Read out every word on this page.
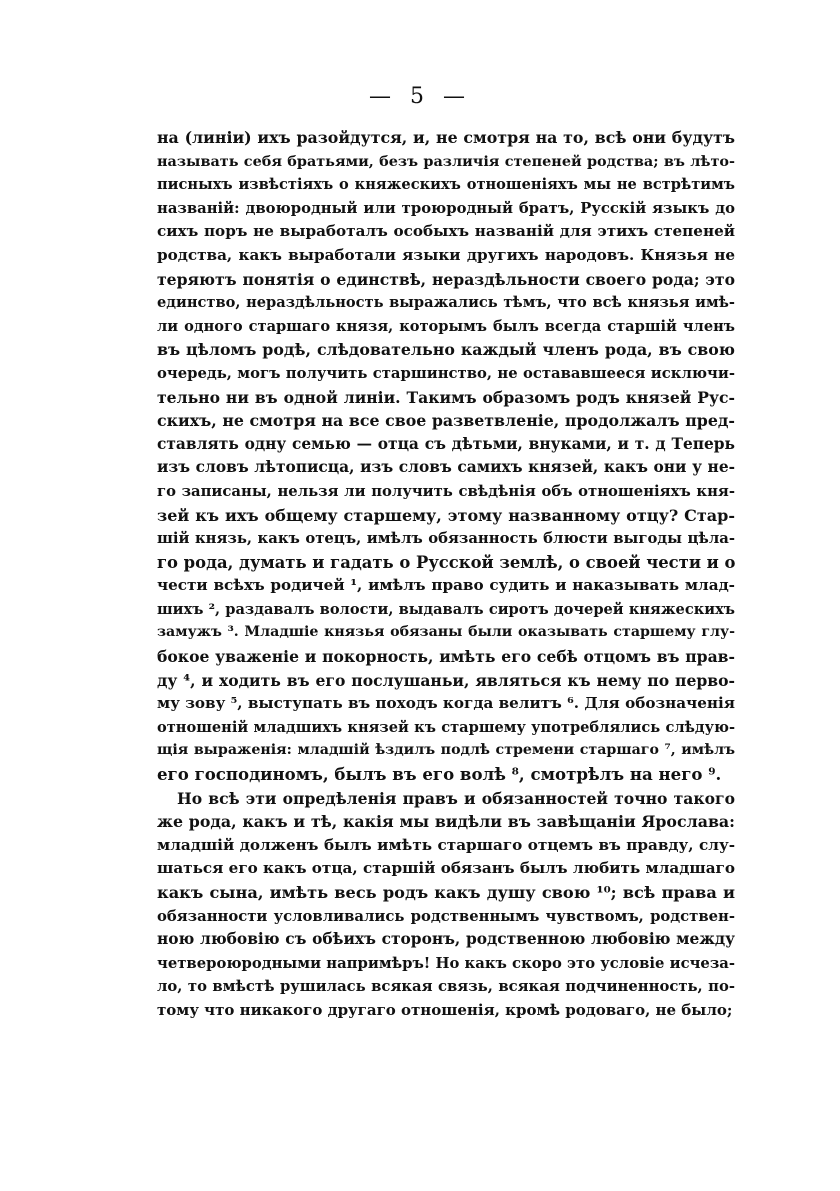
— 5 —
на (линіи) ихъ разойдутся, и, не смотря на то, всѣ они будутъ
называть себя братьями, безъ различія степеней родства; въ лѣто-
писныхъ извѣстіяхъ о княжескихъ отношеніяхъ мы не встрѣтимъ
названій: двоюродный или троюродный братъ, Русскій языкъ до
сихъ поръ не выработалъ особыхъ названій для этихъ степеней
родства, какъ выработали языки другихъ народовъ. Князья не
теряютъ понятія о единствѣ, нераздѣльности своего рода; это
единство, нераздѣльность выражались тѣмъ, что всѣ князья имѣ-
ли одного старшаго князя, которымъ былъ всегда старшій членъ
въ цѣломъ родѣ, слѣдовательно каждый членъ рода, въ свою
очередь, могъ получить старшинство, не остававшееся исключи-
тельно ни въ одной линіи. Такимъ образомъ родъ князей Рус-
скихъ, не смотря на все свое разветвленіе, продолжалъ пред-
ставлять одну семью — отца съ дѣтьми, внуками, и т. д Теперь
изъ словъ лѣтописца, изъ словъ самихъ князей, какъ они у не-
го записаны, нельзя ли получить свѣдѣнія объ отношеніяхъ кня-
зей къ ихъ общему старшему, этому названному отцу? Стар-
шій князь, какъ отецъ, имѣлъ обязанность блюсти выгоды цѣла-
го рода, думать и гадать о Русской землѣ, о своей чести и о
чести всѣхъ родичей ¹, имѣлъ право судить и наказывать млад-
шихъ ², раздавалъ волости, выдавалъ сиротъ дочерей княжескихъ
замужъ ³. Младшіе князья обязаны были оказывать старшему глу-
бокое уваженіе и покорность, имѣть его себѣ отцомъ въ прав-
ду ⁴, и ходить въ его послушаньи, являться къ нему по перво-
му зову ⁵, выступать въ походъ когда велитъ ⁶. Для обозначенія
отношеній младшихъ князей къ старшему употреблялись слѣдую-
щія выраженія: младшій ѣздилъ подлѣ стремени старшаго ⁷, имѣлъ
его господиномъ, былъ въ его волѣ ⁸, смотрѣлъ на него ⁹.
Но всѣ эти опредѣленія правъ и обязанностей точно такого
же рода, какъ и тѣ, какія мы видѣли въ завѣщаніи Ярослава:
младшій долженъ былъ имѣть старшаго отцемъ въ правду, слу-
шаться его какъ отца, старшій обязанъ былъ любить младшаго
какъ сына, имѣть весь родъ какъ душу свою ¹⁰; всѣ права и
обязанности условливались родственнымъ чувствомъ, родствен-
ною любовію съ обѣихъ сторонъ, родственною любовію между
четвероюродными напримѣръ! Но какъ скоро это условіе исчеза-
ло, то вмѣстѣ рушилась всякая связь, всякая подчиненность, по-
тому что никакого другаго отношенія, кромѣ родоваго, не было;
